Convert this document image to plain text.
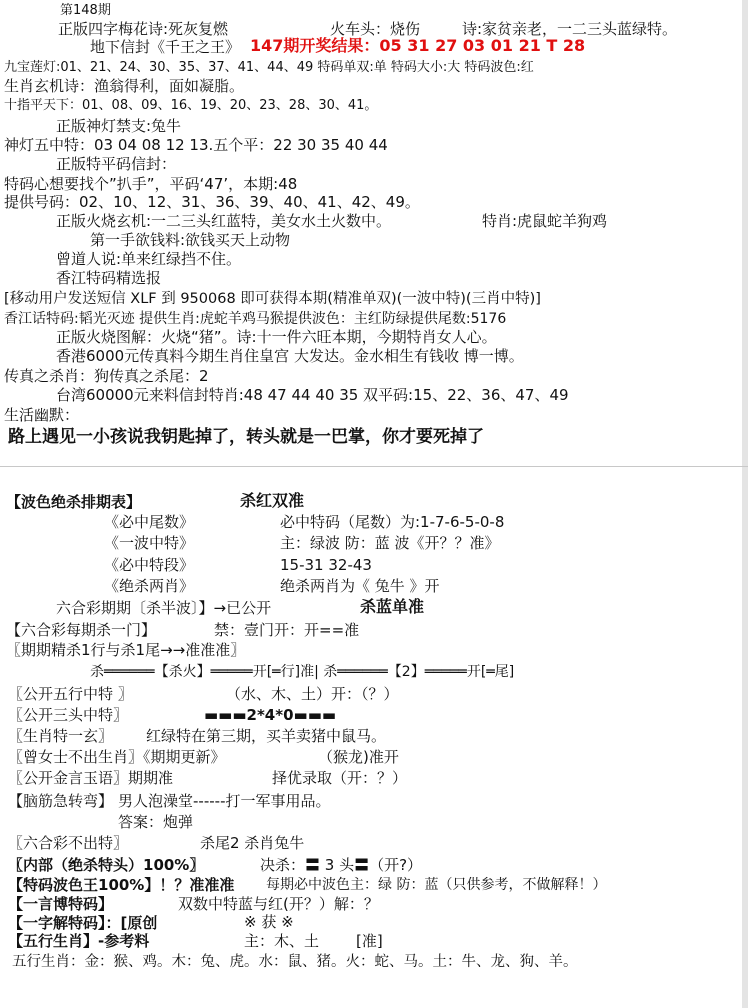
第148期
正版四字梅花诗:死灰复燃	火车头：烧伤	诗:家贫亲老，一二三头蓝绿特。
地下信封《千王之王》 147期开奖结果：05 31 27 03 01 21 T 28
九宝莲灯:01、21、24、30、35、37、41、44、49 特码单双:单 特码大小:大 特码波色:红
生肖玄机诗：渔翁得利，面如凝脂。
十指平天下：01、08、09、16、19、20、23、28、30、41。
正版神灯禁支:兔牛
神灯五中特：03 04 08 12 13.五个平：22 30 35 40 44
正版特平码信封：
特码心想要找个”扒手”，平码‘47’，本期:48
提供号码：02、10、12、31、36、39、40、41、42、49。
正版火烧玄机:一二三头红蓝特，美女水土火数中。	特肖:虎鼠蛇羊狗鸡
第一手欲钱料:欲钱买天上动物
曾道人说:单来红绿挡不住。
香江特码精选报
[移动用户发送短信 XLF 到 950068 即可获得本期(精准单双)(一波中特)(三肖中特)]
香江话特码:韬光灭迹 提供生肖:虎蛇羊鸡马猴提供波色：主红防绿提供尾数:5176
正版火烧图解：火烧“猪”。诗:十一件六旺本期，今期特肖女人心。
香港6000元传真料今期生肖住皇宫 大发达。金水相生有钱收 博一博。
传真之杀肖：狗传真之杀尾：2
台湾60000元来料信封特肖:48 47 44 40 35 双平码:15、22、36、47、49
生活幽默：
路上遇见一小孩说我钥匙掉了，转头就是一巴掌，你才要死掉了
【波色绝杀排期表】	杀红双准
《必中尾数》	必中特码（尾数）为:1-7-6-5-0-8
《一波中特》	主：绿波 防：蓝 波《开？？准》
《必中特段》	15-31 32-43
《绝杀两肖》	绝杀两肖为《 兔牛 》开
六合彩期期〔杀半波〕】→已公开	杀蓝单准
【六合彩每期杀一门】	禁：壹门开：开==准
〖期期精杀1行与杀1尾→→准准准〗
杀══════【杀火】═════开[═行]准| 杀══════【2】═════开[═尾]
〖公开五行中特 〗	（水、木、土）开：（？）
〖公开三头中特〗	▬▬▬2*4*0▬▬▬
〖生肖特一玄〗 红绿特在第三期，买羊卖猪中鼠马。
〖曾女士不出生肖〗《期期更新》	（猴龙)准开
〖公开金言玉语〗期期准	择优录取（开：？）
【脑筋急转弯】 男人泡澡堂------打一军事用品。
答案：炮弹
〖六合彩不出特〗	杀尾2 杀肖兔牛
〖内部（绝杀特头）100%〗	决杀：〓 3 头〓（开?）
【特码波色王100%】！？准准准 每期必中波色主：绿 防：蓝（只供参考，不做解释！）
【一言博特码】	双数中特蓝与红(开？）解：？
【一字解特码】：[原创	※ 获 ※
【五行生肖】-参考料	主：木、土 [准]
五行生肖：金：猴、鸡。木：兔、虎。水：鼠、猪。火：蛇、马。土：牛、龙、狗、羊。
